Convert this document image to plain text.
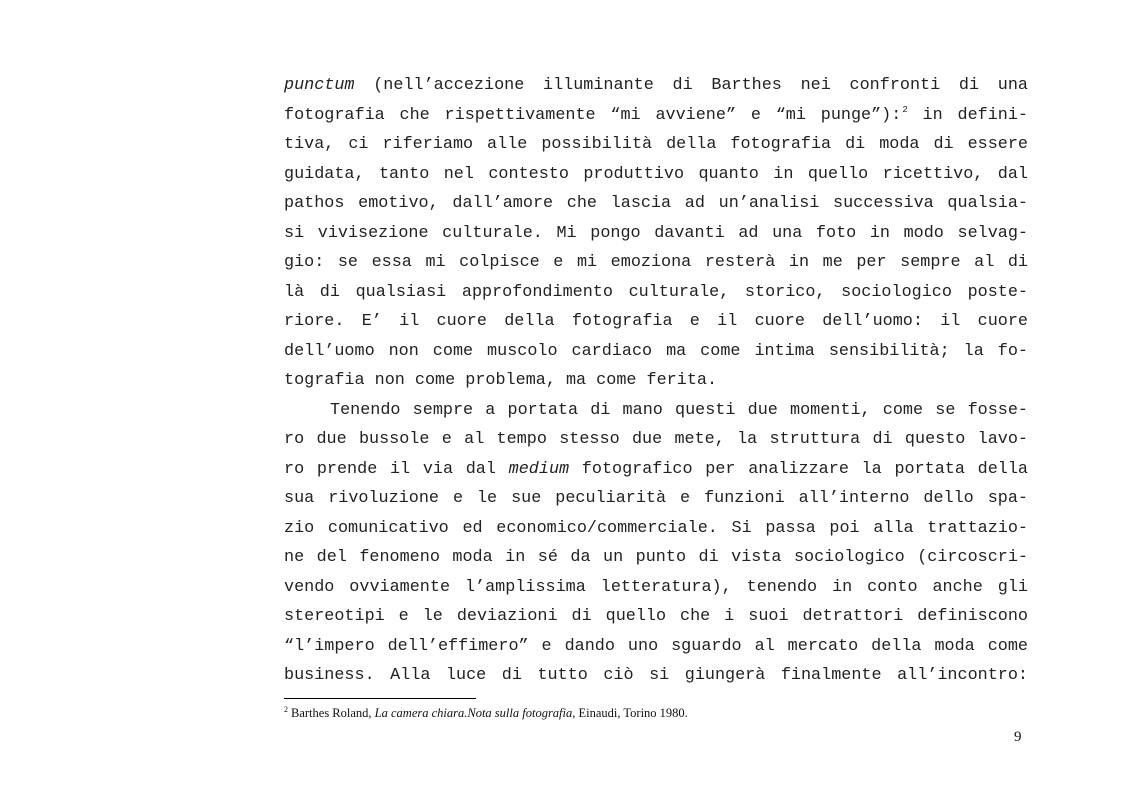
punctum (nell’accezione illuminante di Barthes nei confronti di una
fotografia che rispettivamente “mi avviene” e “mi punge”):$^2$ in defini-
tiva, ci riferiamo alle possibilità della fotografia di moda di essere
guidata, tanto nel contesto produttivo quanto in quello ricettivo, dal
pathos emotivo, dall’amore che lascia ad un’analisi successiva qualsia-
si vivisezione culturale. Mi pongo davanti ad una foto in modo selvag-
gio: se essa mi colpisce e mi emoziona resterà in me per sempre al di
là di qualsiasi approfondimento culturale, storico, sociologico poste-
riore. E’ il cuore della fotografia e il cuore dell’uomo: il cuore
dell’uomo non come muscolo cardiaco ma come intima sensibilità; la fo-
tografia non come problema, ma come ferita.
Tenendo sempre a portata di mano questi due momenti, come se fosse-
ro due bussole e al tempo stesso due mete, la struttura di questo lavo-
ro prende il via dal medium fotografico per analizzare la portata della
sua rivoluzione e le sue peculiarità e funzioni all’interno dello spa-
zio comunicativo ed economico/commerciale. Si passa poi alla trattazio-
ne del fenomeno moda in sé da un punto di vista sociologico (circoscri-
vendo ovviamente l’amplissima letteratura), tenendo in conto anche gli
stereotipi e le deviazioni di quello che i suoi detrattori definiscono
“l’impero dell’effimero” e dando uno sguardo al mercato della moda come
business. Alla luce di tutto ciò si giungerà finalmente all’incontro:
$^2$ Barthes Roland, La camera chiara.Nota sulla fotografia, Einaudi, Torino 1980.
9
